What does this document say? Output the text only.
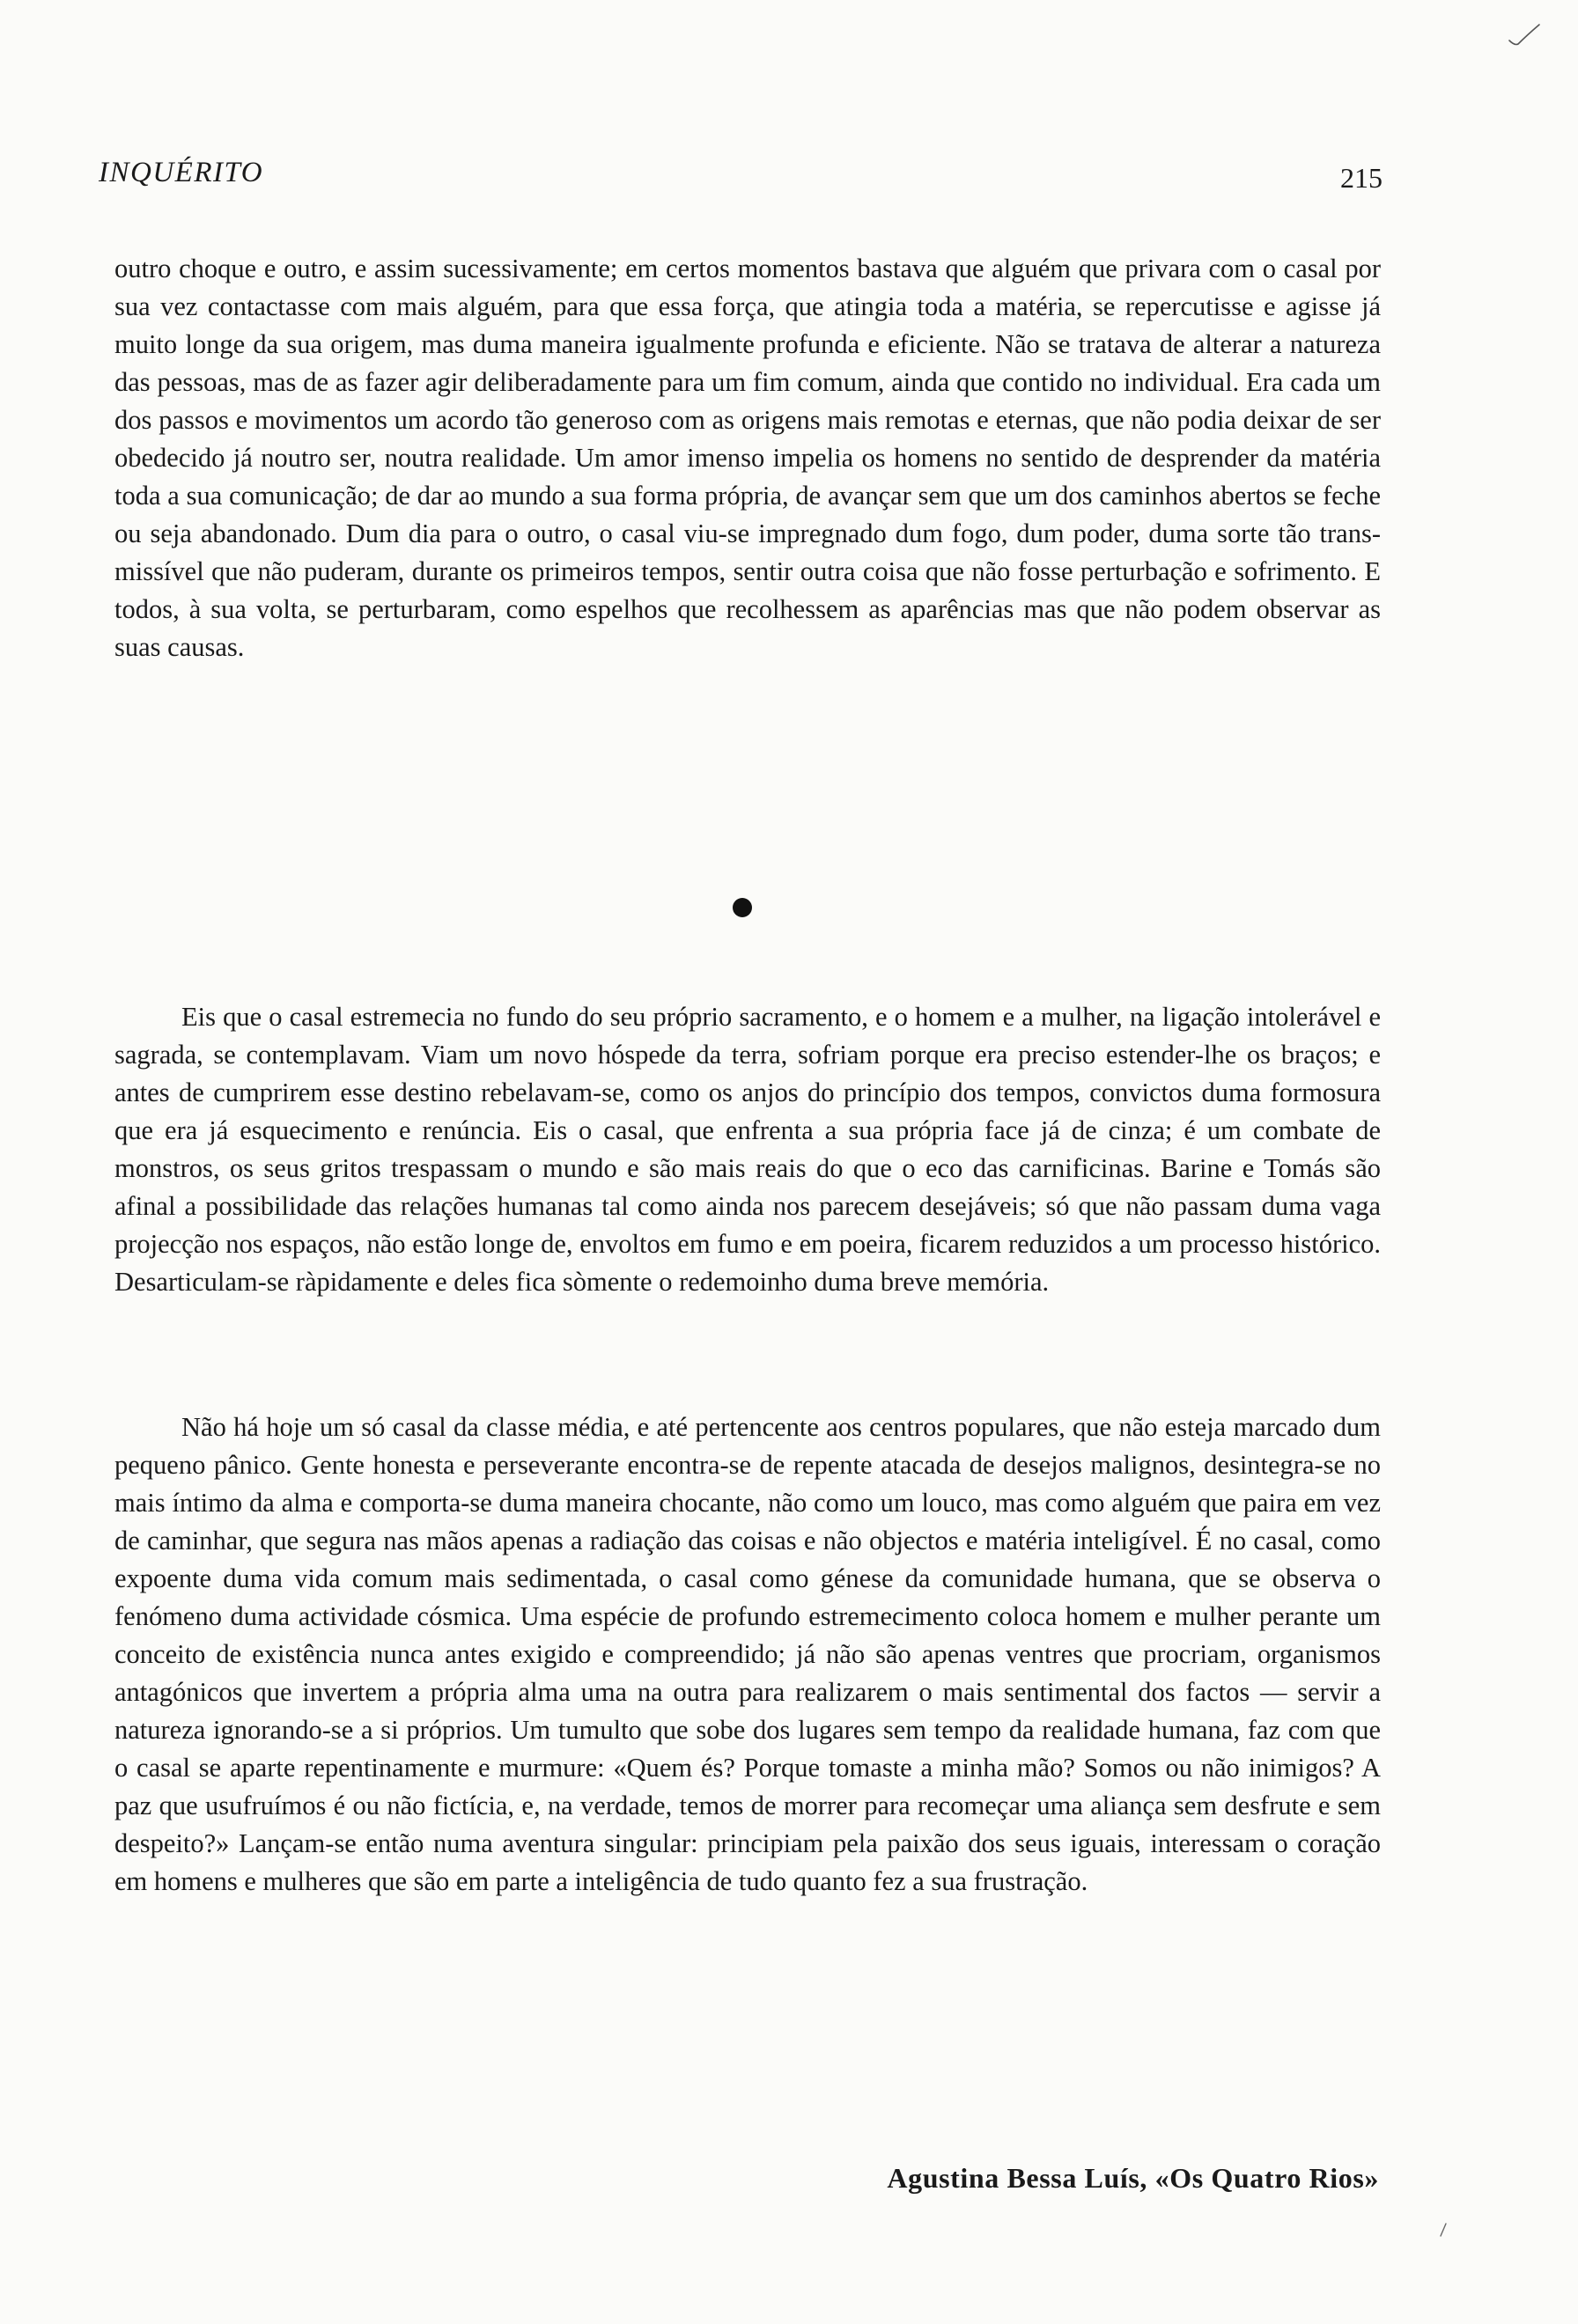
INQUÉRITO	215

outro choque e outro, e assim sucessivamente; em certos momentos bastava que alguém que privara com o casal por sua vez contactasse com mais alguém, para que essa força, que atingia toda a matéria, se repercutisse e agisse já muito longe da sua origem, mas duma maneira igualmente profunda e eficiente. Não se tratava de alterar a natureza das pessoas, mas de as fazer agir deliberadamente para um fim comum, ainda que contido no individual. Era cada um dos passos e movimentos um acordo tão generoso com as origens mais remotas e eternas, que não podia deixar de ser obedecido já noutro ser, noutra realidade. Um amor imenso impelia os homens no sentido de desprender da matéria toda a sua comunicação; de dar ao mundo a sua forma própria, de avançar sem que um dos caminhos abertos se feche ou seja abandonado. Dum dia para o outro, o casal viu-se impregnado dum fogo, dum poder, duma sorte tão transmissível que não puderam, durante os primeiros tempos, sentir outra coisa que não fosse perturbação e sofrimento. E todos, à sua volta, se perturbaram, como espelhos que recolhessem as aparências mas que não podem observar as suas causas.

Eis que o casal estremecia no fundo do seu próprio sacramento, e o homem e a mulher, na ligação intolerável e sagrada, se contemplavam. Viam um novo hóspede da terra, sofriam porque era preciso estender-lhe os braços; e antes de cumprirem esse destino rebelavam-se, como os anjos do princípio dos tempos, convictos duma formosura que era já esquecimento e renúncia. Eis o casal, que enfrenta a sua própria face já de cinza; é um combate de monstros, os seus gritos trespassam o mundo e são mais reais do que o eco das carnificinas. Barine e Tomás são afinal a possibilidade das relações humanas tal como ainda nos parecem desejáveis; só que não passam duma vaga projecção nos espaços, não estão longe de, envoltos em fumo e em poeira, ficarem reduzidos a um processo histórico. Desarticulam-se ràpidamente e deles fica sòmente o redemoinho duma breve memória.

Não há hoje um só casal da classe média, e até pertencente aos centros populares, que não esteja marcado dum pequeno pânico. Gente honesta e perseverante encontra-se de repente atacada de desejos malignos, desintegra-se no mais íntimo da alma e comporta-se duma maneira chocante, não como um louco, mas como alguém que paira em vez de caminhar, que segura nas mãos apenas a radiação das coisas e não objectos e matéria inteligível. É no casal, como expoente duma vida comum mais sedimentada, o casal como génese da comunidade humana, que se observa o fenómeno duma actividade cósmica. Uma espécie de profundo estremecimento coloca homem e mulher perante um conceito de existência nunca antes exigido e compreendido; já não são apenas ventres que procriam, organismos antagónicos que invertem a própria alma uma na outra para realizarem o mais sentimental dos factos — servir a natureza ignorando-se a si próprios. Um tumulto que sobe dos lugares sem tempo da realidade humana, faz com que o casal se aparte repentinamente e murmure: «Quem és? Porque tomaste a minha mão? Somos ou não inimigos? A paz que usufruímos é ou não fictícia, e, na verdade, temos de morrer para recomeçar uma aliança sem desfrute e sem despeito?» Lançam-se então numa aventura singular: principiam pela paixão dos seus iguais, interessam o coração em homens e mulheres que são em parte a inteligência de tudo quanto fez a sua frustração.

Agustina Bessa Luís, «Os Quatro Rios»
